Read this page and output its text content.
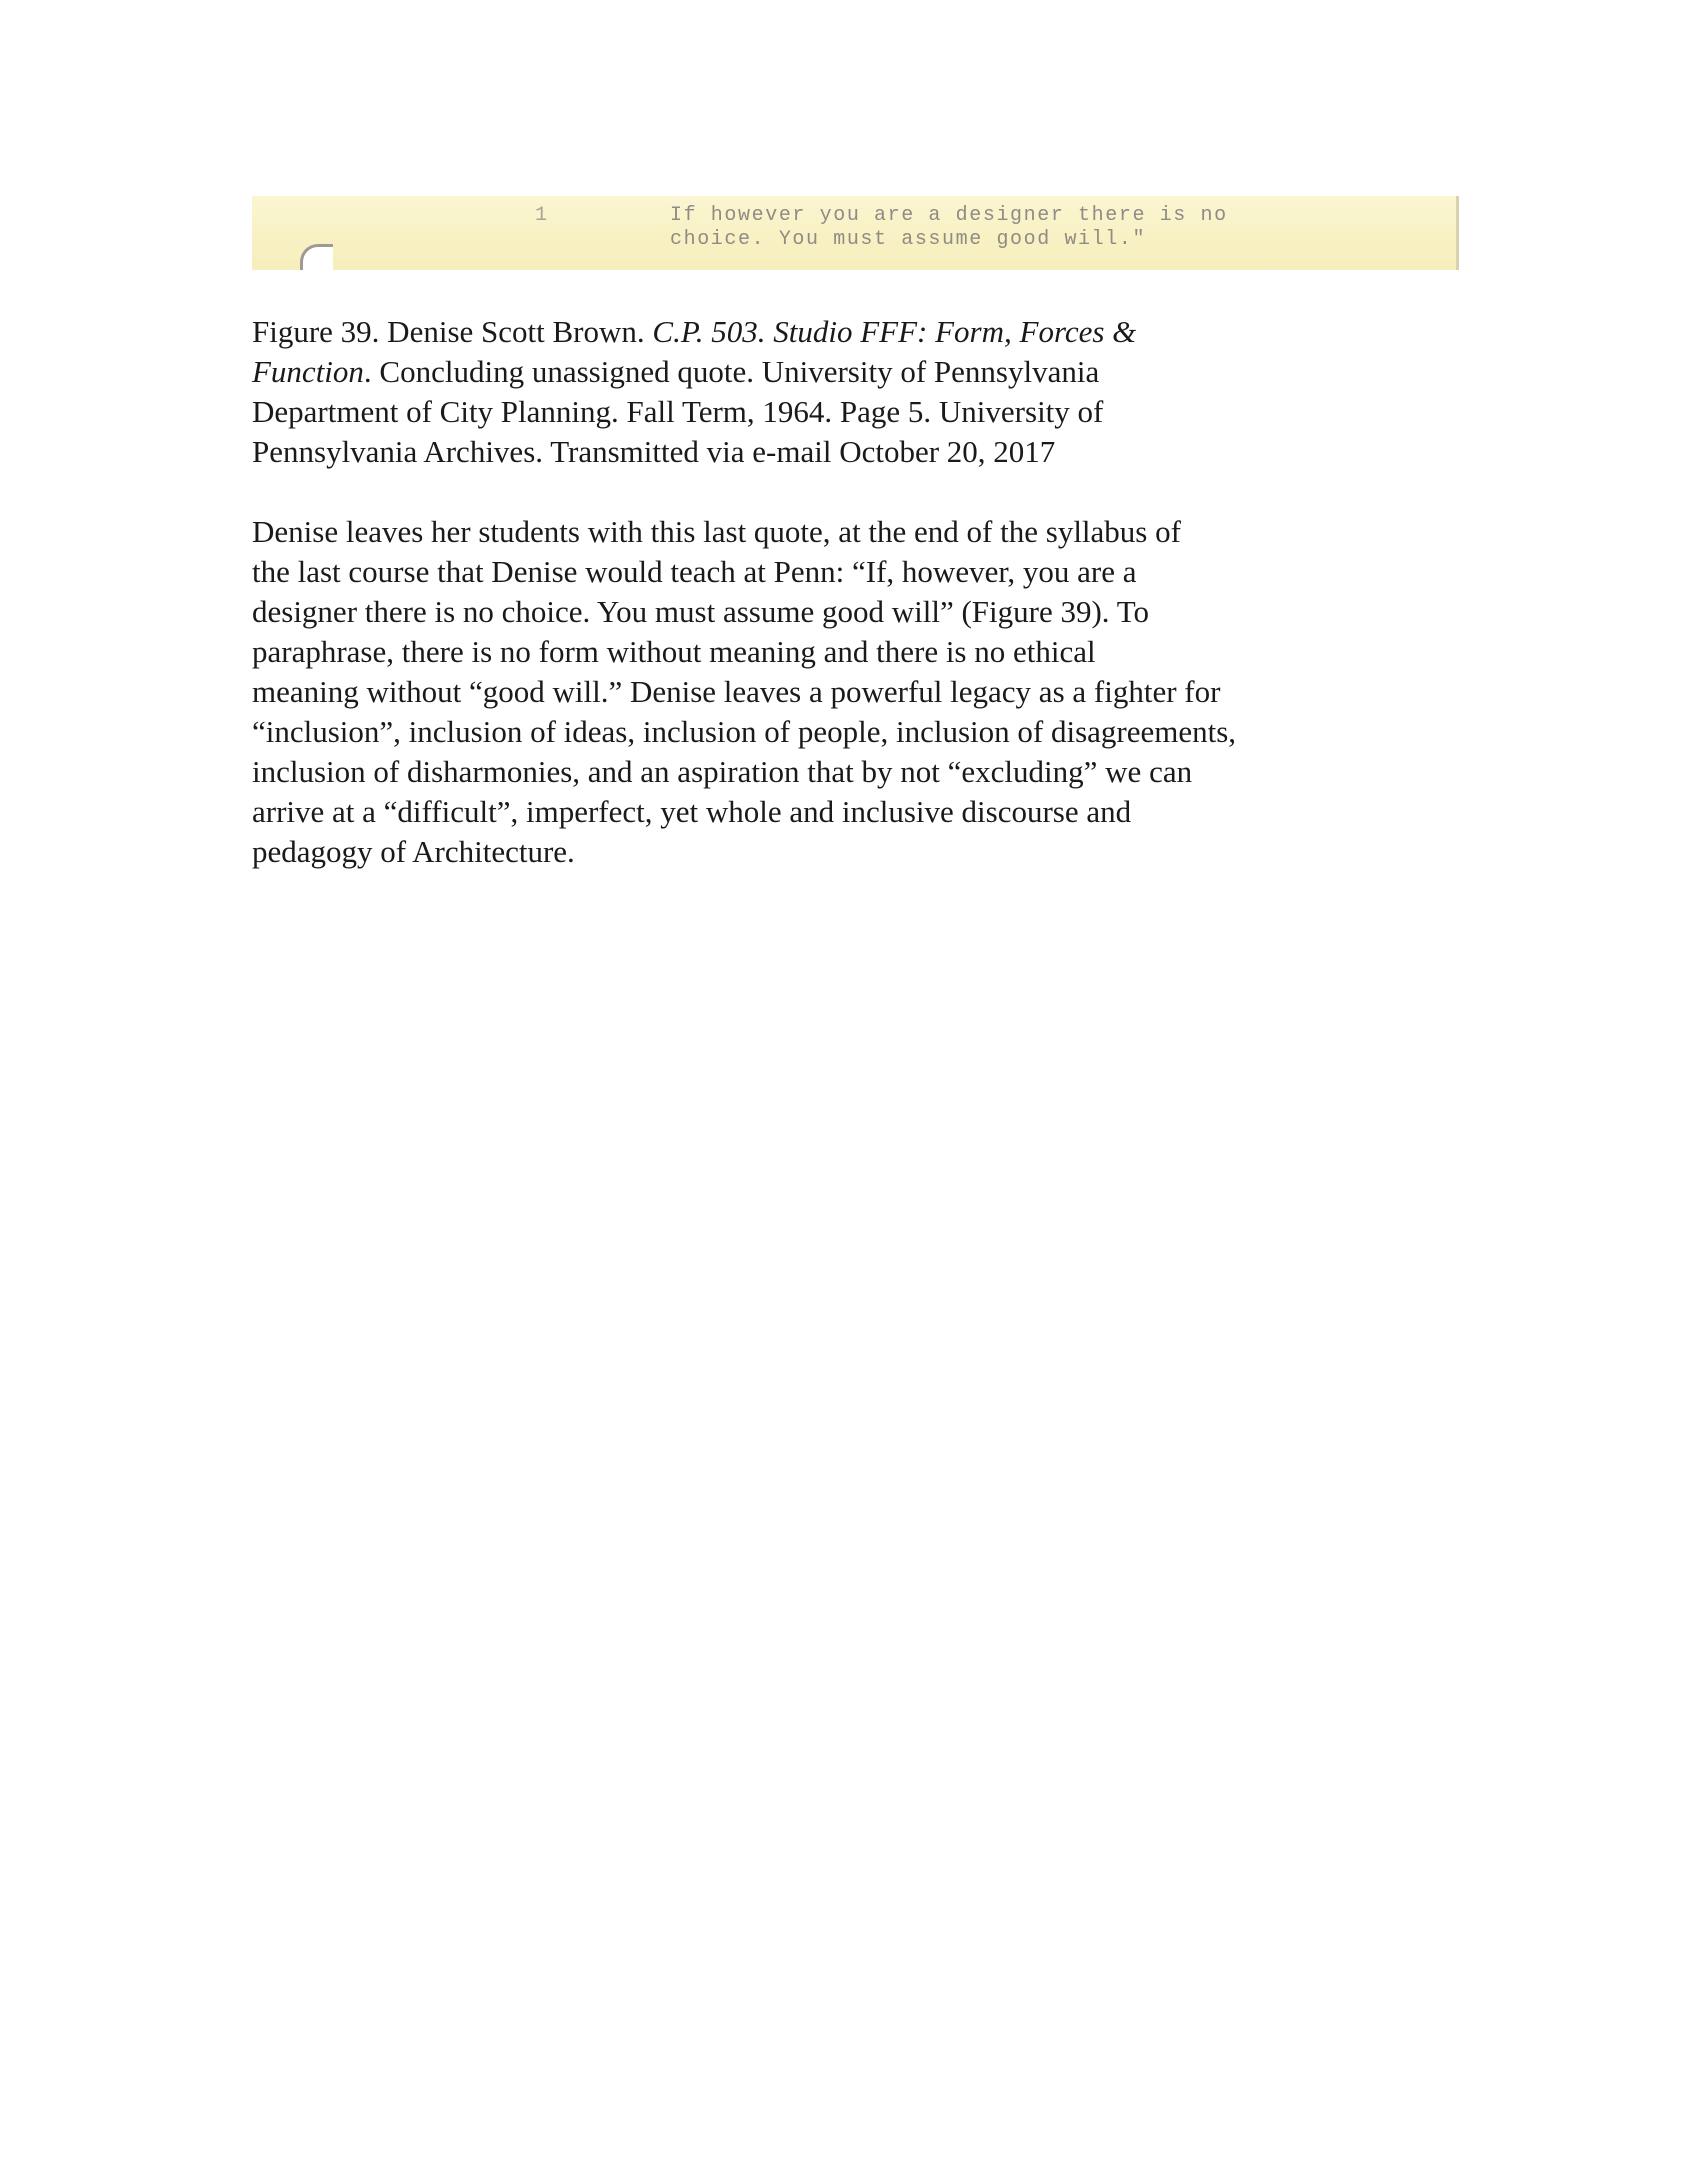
1	If however you are a designer there is no
choice. You must assume good will."

Figure 39. Denise Scott Brown. C.P. 503. Studio FFF: Form, Forces &
Function. Concluding unassigned quote. University of Pennsylvania
Department of City Planning. Fall Term, 1964. Page 5. University of
Pennsylvania Archives. Transmitted via e-mail October 20, 2017

Denise leaves her students with this last quote, at the end of the syllabus of
the last course that Denise would teach at Penn: “If, however, you are a
designer there is no choice. You must assume good will” (Figure 39). To
paraphrase, there is no form without meaning and there is no ethical
meaning without “good will.” Denise leaves a powerful legacy as a fighter for
“inclusion”, inclusion of ideas, inclusion of people, inclusion of disagreements,
inclusion of disharmonies, and an aspiration that by not “excluding” we can
arrive at a “difficult”, imperfect, yet whole and inclusive discourse and
pedagogy of Architecture.
